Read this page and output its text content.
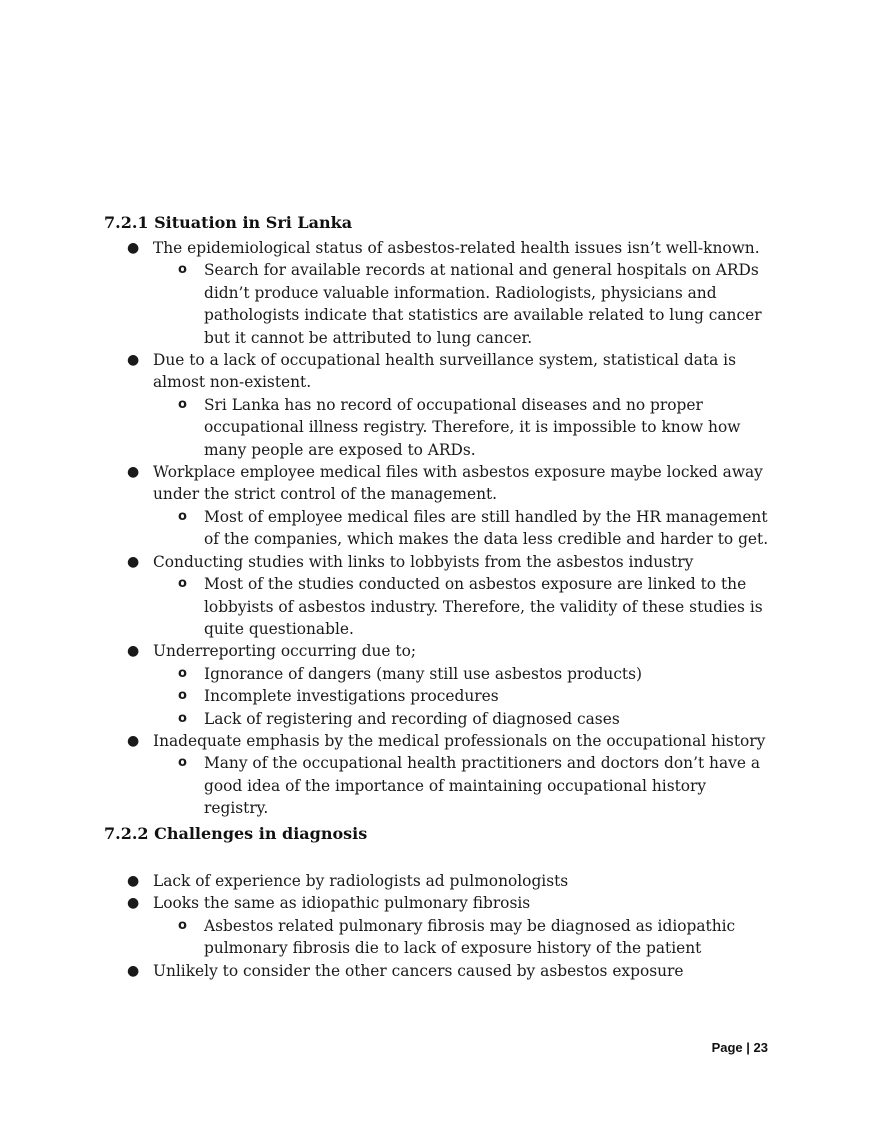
7.2.1 Situation in Sri Lanka
● The epidemiological status of asbestos-related health issues isn’t well-known.
o Search for available records at national and general hospitals on ARDs didn’t produce valuable information. Radiologists, physicians and pathologists indicate that statistics are available related to lung cancer but it cannot be attributed to lung cancer.
● Due to a lack of occupational health surveillance system, statistical data is almost non-existent.
o Sri Lanka has no record of occupational diseases and no proper occupational illness registry. Therefore, it is impossible to know how many people are exposed to ARDs.
● Workplace employee medical files with asbestos exposure maybe locked away under the strict control of the management.
o Most of employee medical files are still handled by the HR management of the companies, which makes the data less credible and harder to get.
● Conducting studies with links to lobbyists from the asbestos industry
o Most of the studies conducted on asbestos exposure are linked to the lobbyists of asbestos industry. Therefore, the validity of these studies is quite questionable.
● Underreporting occurring due to;
o Ignorance of dangers (many still use asbestos products)
o Incomplete investigations procedures
o Lack of registering and recording of diagnosed cases
● Inadequate emphasis by the medical professionals on the occupational history
o Many of the occupational health practitioners and doctors don’t have a good idea of the importance of maintaining occupational history registry.
7.2.2 Challenges in diagnosis
● Lack of experience by radiologists ad pulmonologists
● Looks the same as idiopathic pulmonary fibrosis
o Asbestos related pulmonary fibrosis may be diagnosed as idiopathic pulmonary fibrosis die to lack of exposure history of the patient
● Unlikely to consider the other cancers caused by asbestos exposure
Page | 23
